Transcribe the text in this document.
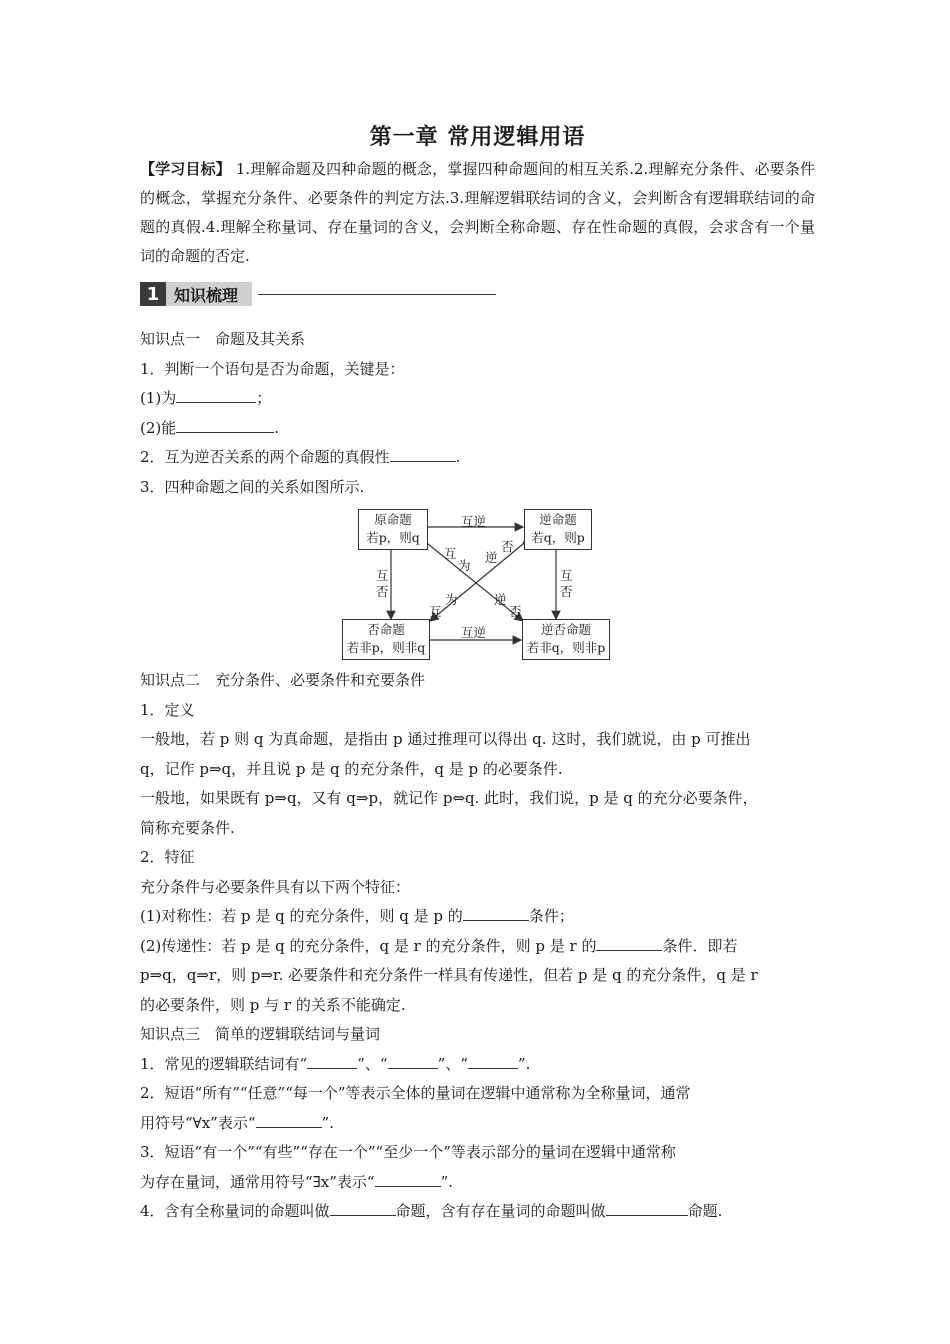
第一章 常用逻辑用语

【学习目标】 1.理解命题及四种命题的概念，掌握四种命题间的相互关系.2.理解充分条件、必要条件的概念，掌握充分条件、必要条件的判定方法.3.理解逻辑联结词的含义，会判断含有逻辑联结词的命题的真假.4.理解全称量词、存在量词的含义，会判断全称命题、存在性命题的真假，会求含有一个量词的命题的否定.

1 知识梳理

知识点一　命题及其关系

1．判断一个语句是否为命题，关键是：

(1)为	；

(2)能	.

2．互为逆否关系的两个命题的真假性	.

3．四种命题之间的关系如图所示.

原命题
若p，则q
逆命题
若q，则p
否命题
若非p，则非q
逆否命题
若非q，则非p
互逆
互逆
互
否
互
否
互
为
逆
否
互
为	逆
否

知识点二　充分条件、必要条件和充要条件

1．定义

一般地，若 p 则 q 为真命题，是指由 p 通过推理可以得出 q. 这时，我们就说，由 p 可推出

q，记作 p⇒q，并且说 p 是 q 的充分条件，q 是 p 的必要条件.

一般地，如果既有 p⇒q，又有 q⇒p，就记作 p⇔q. 此时，我们说，p 是 q 的充分必要条件，

简称充要条件.

2．特征

充分条件与必要条件具有以下两个特征：

(1)对称性：若 p 是 q 的充分条件，则 q 是 p 的	条件；

(2)传递性：若 p 是 q 的充分条件，q 是 r 的充分条件，则 p 是 r 的	条件．即若

p⇒q，q⇒r，则 p⇒r. 必要条件和充分条件一样具有传递性，但若 p 是 q 的充分条件，q 是 r

的必要条件，则 p 与 r 的关系不能确定.

知识点三　简单的逻辑联结词与量词

1．常见的逻辑联结词有“	”、“	”、“	”.

2．短语“所有”“任意”“每一个”等表示全体的量词在逻辑中通常称为全称量词，通常

用符号“∀x”表示“	”.

3．短语“有一个”“有些”“存在一个”“至少一个”等表示部分的量词在逻辑中通常称

为存在量词，通常用符号“∃x”表示“	”.

4．含有全称量词的命题叫做	命题，含有存在量词的命题叫做	命题.
